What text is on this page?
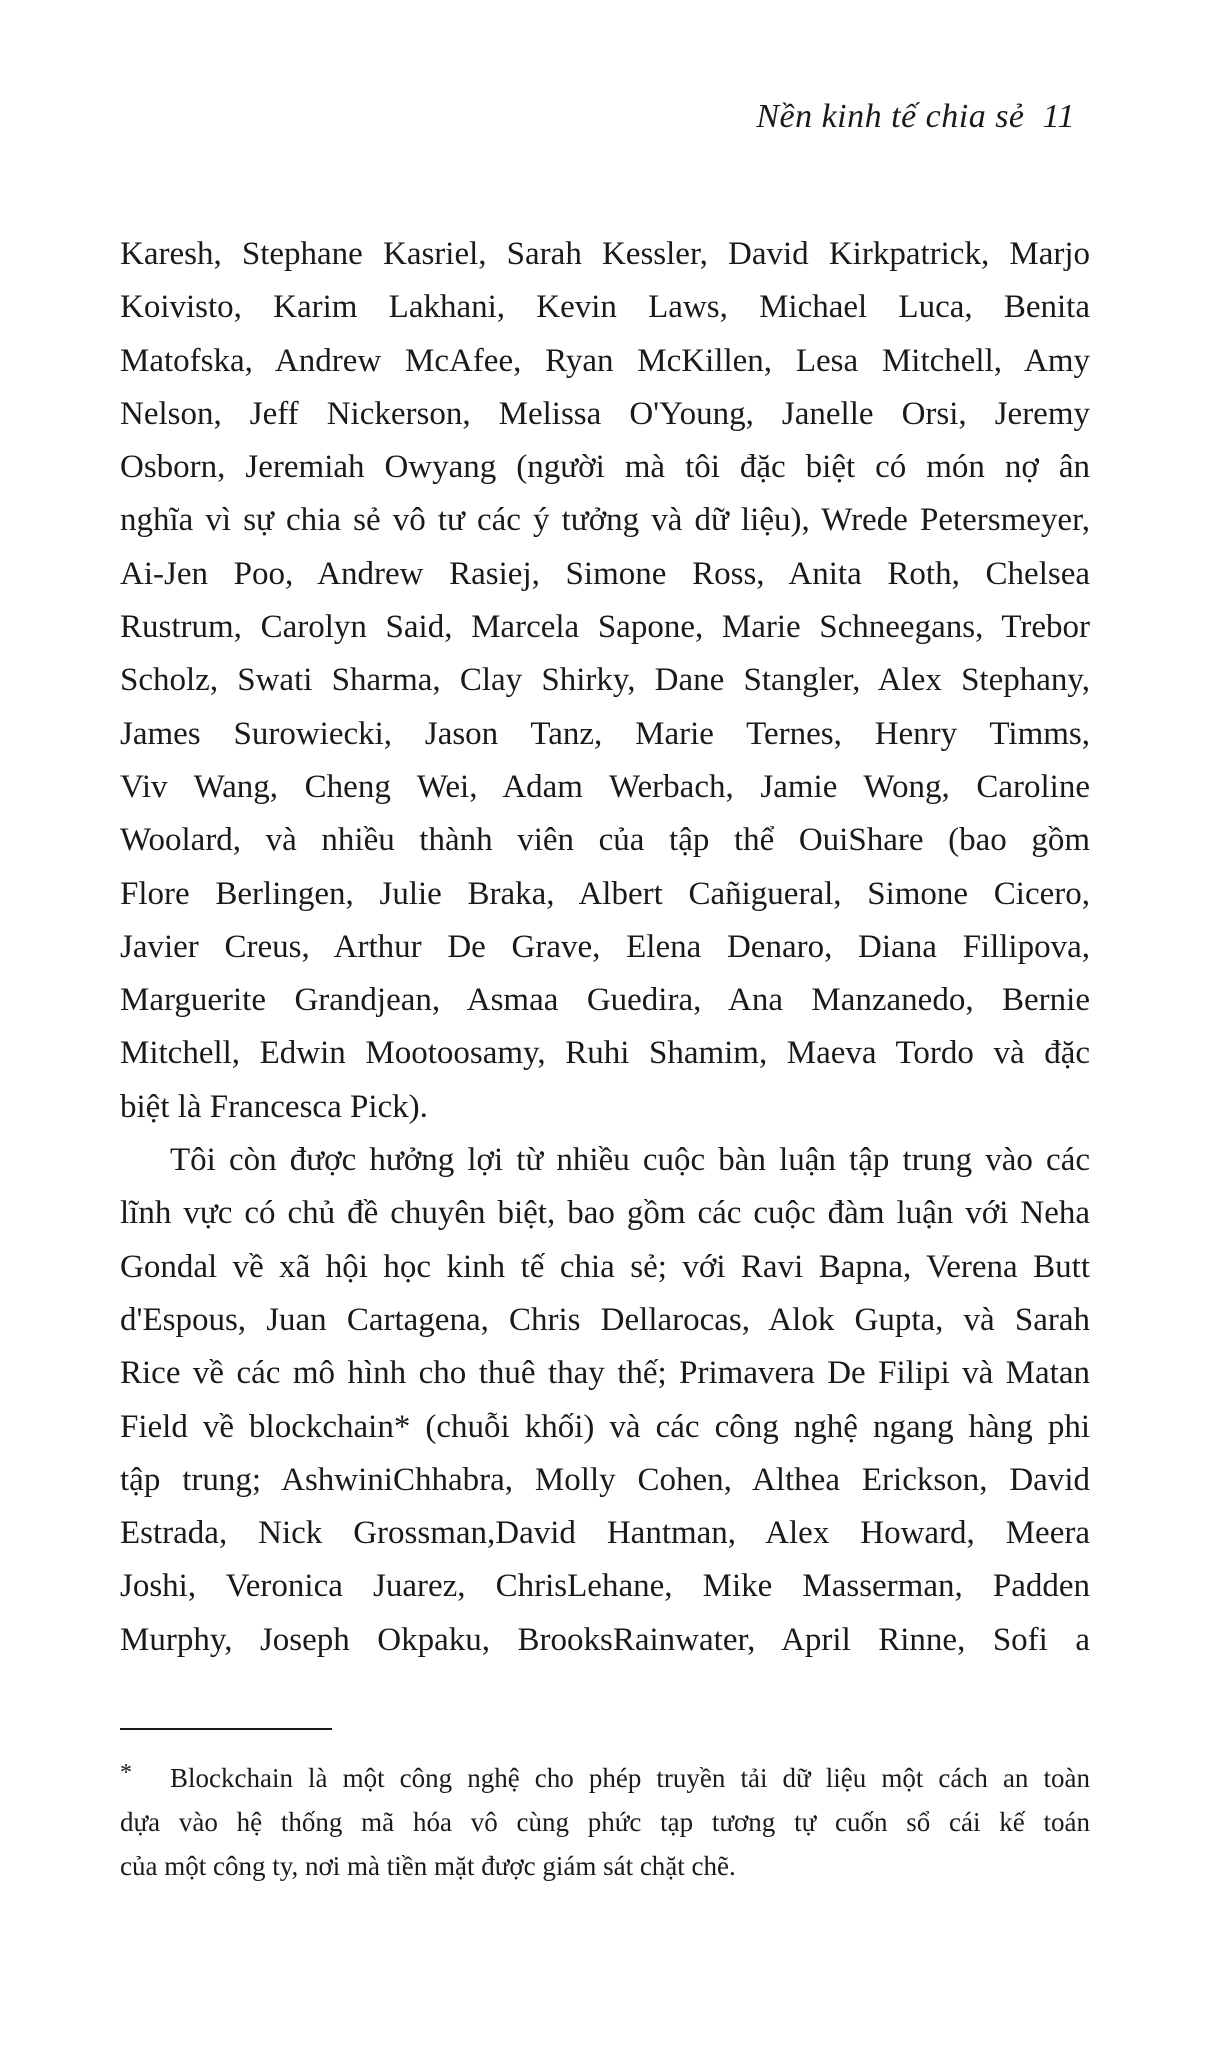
Nền kinh tế chia sẻ 11
Karesh, Stephane Kasriel, Sarah Kessler, David Kirkpatrick, Marjo
Koivisto, Karim Lakhani, Kevin Laws, Michael Luca, Benita
Matofska, Andrew McAfee, Ryan McKillen, Lesa Mitchell, Amy
Nelson, Jeff Nickerson, Melissa O'Young, Janelle Orsi, Jeremy
Osborn, Jeremiah Owyang (người mà tôi đặc biệt có món nợ ân
nghĩa vì sự chia sẻ vô tư các ý tưởng và dữ liệu), Wrede Petersmeyer,
Ai-Jen Poo, Andrew Rasiej, Simone Ross, Anita Roth, Chelsea
Rustrum, Carolyn Said, Marcela Sapone, Marie Schneegans, Trebor
Scholz, Swati Sharma, Clay Shirky, Dane Stangler, Alex Stephany,
James Surowiecki, Jason Tanz, Marie Ternes, Henry Timms,
Viv Wang, Cheng Wei, Adam Werbach, Jamie Wong, Caroline
Woolard, và nhiều thành viên của tập thể OuiShare (bao gồm
Flore Berlingen, Julie Braka, Albert Cañigueral, Simone Cicero,
Javier Creus, Arthur De Grave, Elena Denaro, Diana Fillipova,
Marguerite Grandjean, Asmaa Guedira, Ana Manzanedo, Bernie
Mitchell, Edwin Mootoosamy, Ruhi Shamim, Maeva Tordo và đặc
biệt là Francesca Pick).
Tôi còn được hưởng lợi từ nhiều cuộc bàn luận tập trung vào các
lĩnh vực có chủ đề chuyên biệt, bao gồm các cuộc đàm luận với Neha
Gondal về xã hội học kinh tế chia sẻ; với Ravi Bapna, Verena Butt
d'Espous, Juan Cartagena, Chris Dellarocas, Alok Gupta, và Sarah
Rice về các mô hình cho thuê thay thế; Primavera De Filipi và Matan
Field về blockchain* (chuỗi khối) và các công nghệ ngang hàng phi
tập trung; AshwiniChhabra, Molly Cohen, Althea Erickson, David
Estrada, Nick Grossman,David Hantman, Alex Howard, Meera
Joshi, Veronica Juarez, ChrisLehane, Mike Masserman, Padden
Murphy, Joseph Okpaku, BrooksRainwater, April Rinne, Sofi a
*	Blockchain là một công nghệ cho phép truyền tải dữ liệu một cách an toàn
dựa vào hệ thống mã hóa vô cùng phức tạp tương tự cuốn sổ cái kế toán
của một công ty, nơi mà tiền mặt được giám sát chặt chẽ.
